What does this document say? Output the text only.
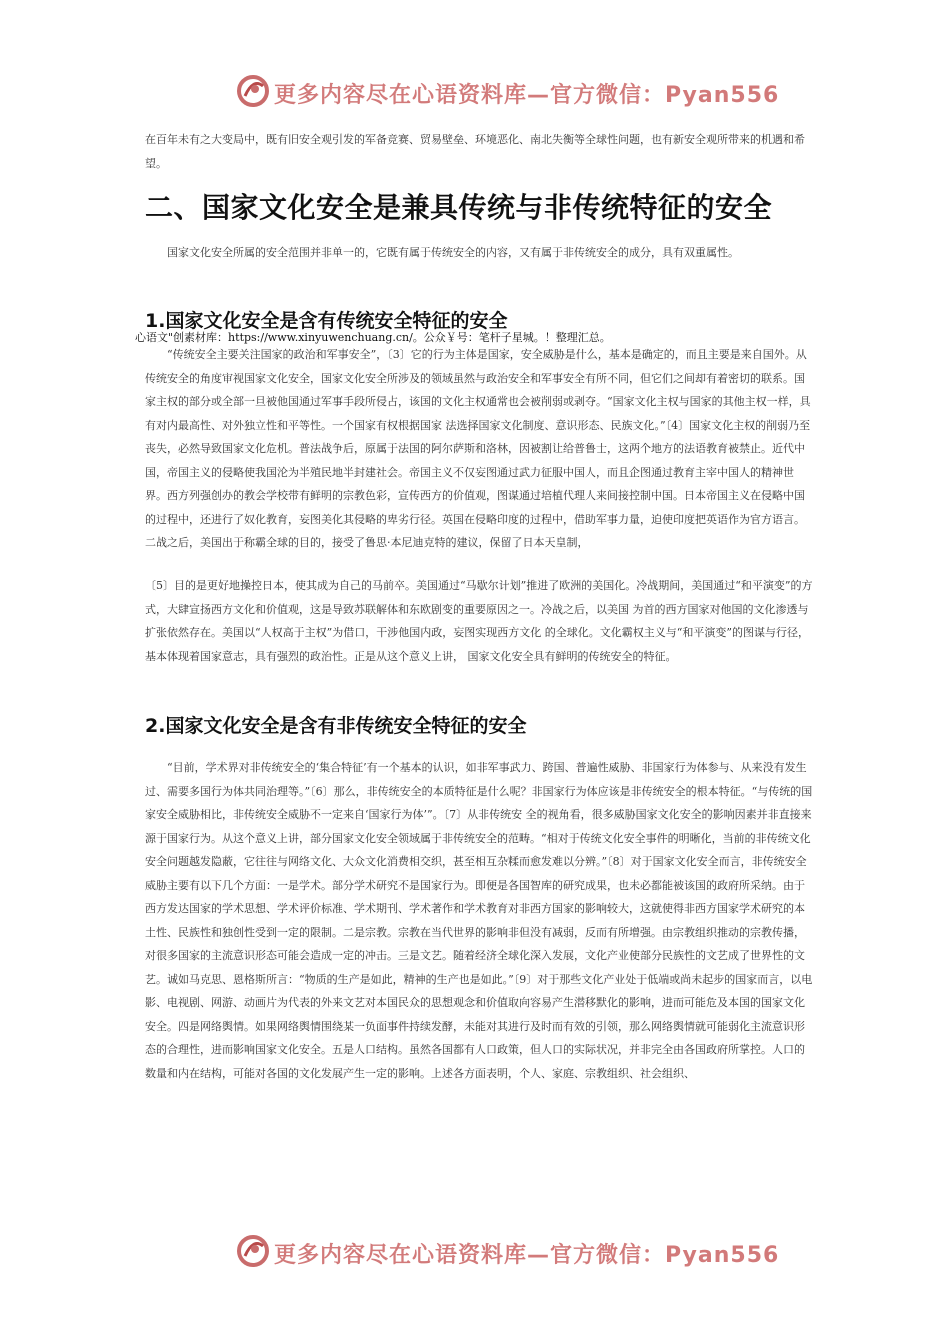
更多内容尽在心语资料库—官方微信：Pyan556

在百年未有之大变局中，既有旧安全观引发的军备竞赛、贸易壁垒、环境恶化、南北失衡等全球性问题，也有新安全观所带来的机遇和希望。

二、国家文化安全是兼具传统与非传统特征的安全

　　国家文化安全所属的安全范围并非单一的，它既有属于传统安全的内容，又有属于非传统安全的成分，具有双重属性。

1.国家文化安全是含有传统安全特征的安全

心语文"创素材库：https://www.xinyuwenchuang.cn/。公众￥号：笔杆子星城。！整理汇总。

　　“传统安全主要关注国家的政治和军事安全”，〔3〕它的行为主体是国家，安全威胁是什么，基本是确定的，而且主要是来自国外。从传统安全的角度审视国家文化安全，国家文化安全所涉及的领域虽然与政治安全和军事安全有所不同，但它们之间却有着密切的联系。国家主权的部分或全部一旦被他国通过军事手段所侵占，该国的文化主权通常也会被削弱或剥夺。“国家文化主权与国家的其他主权一样，具有对内最高性、对外独立性和平等性。一个国家有权根据国家 法选择国家文化制度、意识形态、民族文化。”〔4〕国家文化主权的削弱乃至丧失，必然导致国家文化危机。普法战争后，原属于法国的阿尔萨斯和洛林，因被割让给普鲁士，这两个地方的法语教育被禁止。近代中国，帝国主义的侵略使我国沦为半殖民地半封建社会。帝国主义不仅妄图通过武力征服中国人，而且企图通过教育主宰中国人的精神世界。西方列强创办的教会学校带有鲜明的宗教色彩，宣传西方的价值观，图谋通过培植代理人来间接控制中国。日本帝国主义在侵略中国的过程中，还进行了奴化教育，妄图美化其侵略的卑劣行径。英国在侵略印度的过程中，借助军事力量，迫使印度把英语作为官方语言。二战之后，美国出于称霸全球的目的，接受了鲁思·本尼迪克特的建议，保留了日本天皇制，

〔5〕目的是更好地操控日本，使其成为自己的马前卒。美国通过“马歇尔计划”推进了欧洲的美国化。冷战期间，美国通过“和平演变”的方式，大肆宣扬西方文化和价值观，这是导致苏联解体和东欧剧变的重要原因之一。冷战之后，以美国 为首的西方国家对他国的文化渗透与扩张依然存在。美国以“人权高于主权”为借口，干涉他国内政，妄图实现西方文化 的全球化。文化霸权主义与“和平演变”的图谋与行径，基本体现着国家意志，具有强烈的政治性。正是从这个意义上讲， 国家文化安全具有鲜明的传统安全的特征。

2.国家文化安全是含有非传统安全特征的安全

　　“目前，学术界对非传统安全的‘集合特征’有一个基本的认识，如非军事武力、跨国、普遍性威胁、非国家行为体参与、从来没有发生过、需要多国行为体共同治理等。”〔6〕那么，非传统安全的本质特征是什么呢？非国家行为体应该是非传统安全的根本特征。“与传统的国家安全威胁相比，非传统安全威胁不一定来自‘国家行为体’”。〔7〕从非传统安 全的视角看，很多威胁国家文化安全的影响因素并非直接来源于国家行为。从这个意义上讲，部分国家文化安全领域属于非传统安全的范畴。“相对于传统文化安全事件的明晰化，当前的非传统文化安全问题越发隐蔽，它往往与网络文化、大众文化消费相交织，甚至相互杂糅而愈发难以分辨。”〔8〕对于国家文化安全而言，非传统安全威胁主要有以下几个方面：一是学术。部分学术研究不是国家行为。即便是各国智库的研究成果，也未必都能被该国的政府所采纳。由于西方发达国家的学术思想、学术评价标准、学术期刊、学术著作和学术教育对非西方国家的影响较大，这就使得非西方国家学术研究的本土性、民族性和独创性受到一定的限制。二是宗教。宗教在当代世界的影响非但没有减弱，反而有所增强。由宗教组织推动的宗教传播，对很多国家的主流意识形态可能会造成一定的冲击。三是文艺。随着经济全球化深入发展，文化产业使部分民族性的文艺成了世界性的文艺。诚如马克思、恩格斯所言：“物质的生产是如此，精神的生产也是如此。”〔9〕对于那些文化产业处于低端或尚未起步的国家而言，以电影、电视剧、网游、动画片为代表的外来文艺对本国民众的思想观念和价值取向容易产生潜移默化的影响，进而可能危及本国的国家文化安全。四是网络舆情。如果网络舆情围绕某一负面事件持续发酵，未能对其进行及时而有效的引领，那么网络舆情就可能弱化主流意识形态的合理性，进而影响国家文化安全。五是人口结构。虽然各国都有人口政策，但人口的实际状况，并非完全由各国政府所掌控。人口的数量和内在结构，可能对各国的文化发展产生一定的影响。上述各方面表明，个人、家庭、宗教组织、社会组织、

更多内容尽在心语资料库—官方微信：Pyan556
